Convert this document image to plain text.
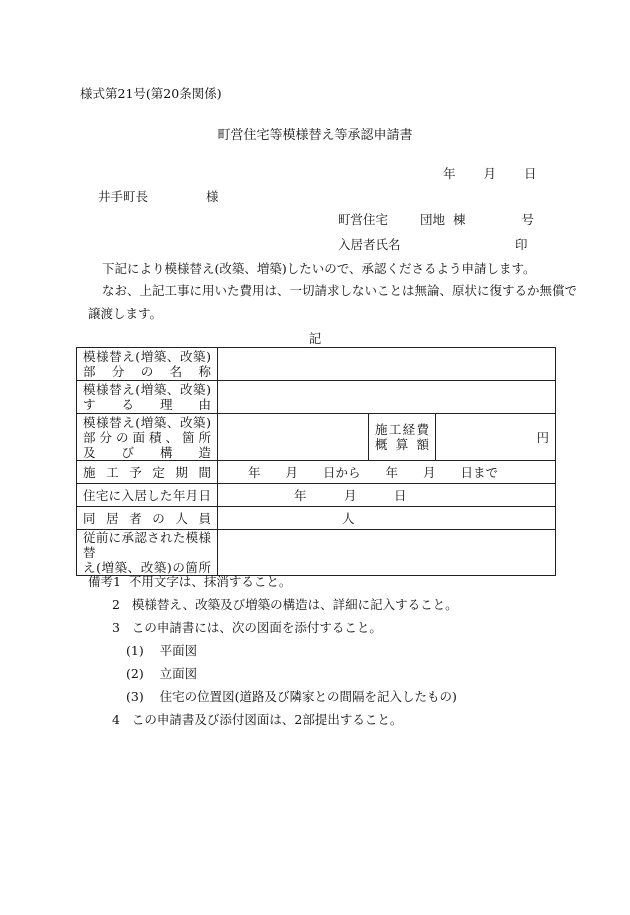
様式第21号(第20条関係)
町営住宅等模様替え等承認申請書
年 月 日
井手町長	様
町営住宅	団地 棟	号
入居者氏名	印
下記により模様替え(改築、増築)したいので、承認くださるよう申請します。
なお、上記工事に用いた費用は、一切請求しないことは無論、原状に復するか無償で
譲渡します。
記
模様替え(増築、改築)
部 分 の 名 称			

模様替え(増築、改築)
す る 理 由			

模様替え(増築、改築)
部分の面積、箇所
及 び 構 造		施工経費
概 算 額	円

施 工 予 定 期 間	年　　月　　日から　　年　　月　　日まで		

住宅に入居した年月日	年　　　月　　　日		

同 居 者 の 人 員	人		

従前に承認された模様替
え(増築、改築)の箇所			

備考1 不用文字は、抹消すること。
2 模様替え、改築及び増築の構造は、詳細に記入すること。
3 この申請書には、次の図面を添付すること。
(1) 平面図
(2) 立面図
(3) 住宅の位置図(道路及び隣家との間隔を記入したもの)
4 この申請書及び添付図面は、2部提出すること。
